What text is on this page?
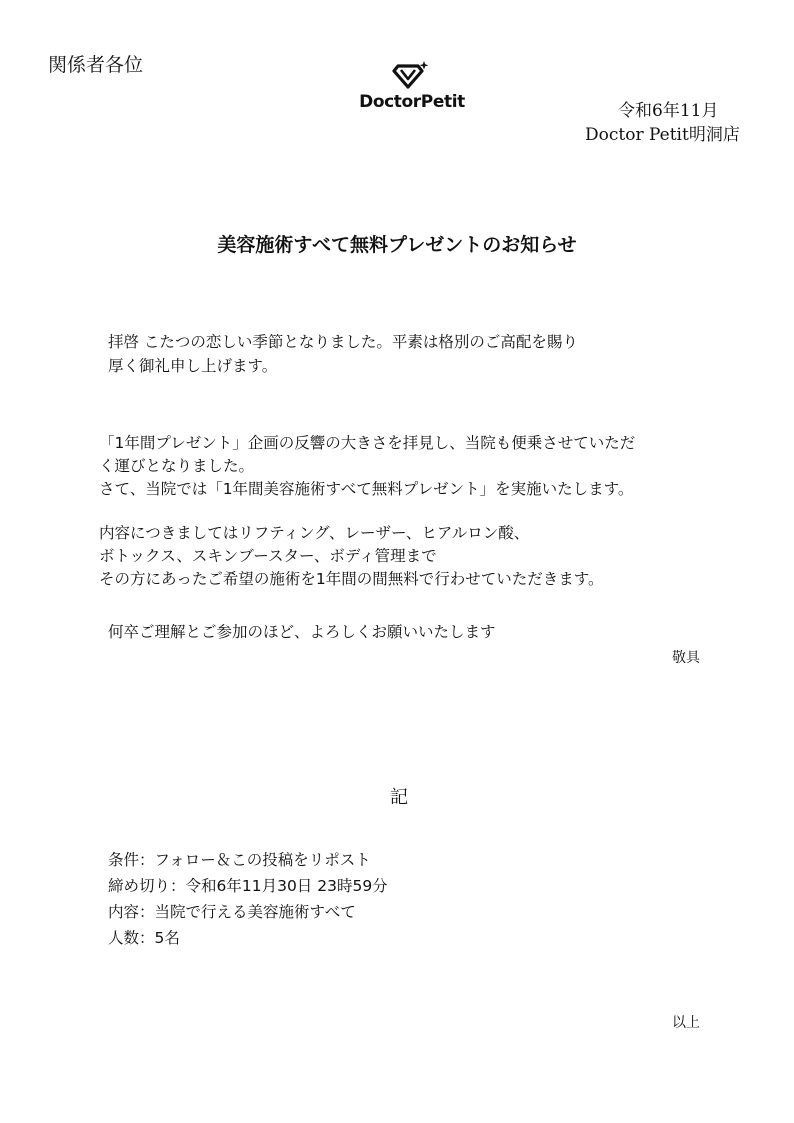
関係者各位
DoctorPetit	令和6年11月
Doctor Petit明洞店
美容施術すべて無料プレゼントのお知らせ

拝啓 こたつの恋しい季節となりました。平素は格別のご高配を賜り

厚く御礼申し上げます。

「1年間プレゼント」企画の反響の大きさを拝見し、当院も便乗させていただ

く運びとなりました。

さて、当院では「1年間美容施術すべて無料プレゼント」を実施いたします。

内容につきましてはリフティング、レーザー、ヒアルロン酸、

ボトックス、スキンブースター、ボディ管理まで

その方にあったご希望の施術を1年間の間無料で行わせていただきます。

何卒ご理解とご参加のほど、よろしくお願いいたします
敬具
記

条件：フォロー＆この投稿をリポスト

締め切り：令和6年11月30日 23時59分

内容：当院で行える美容施術すべて

人数：5名

以上
